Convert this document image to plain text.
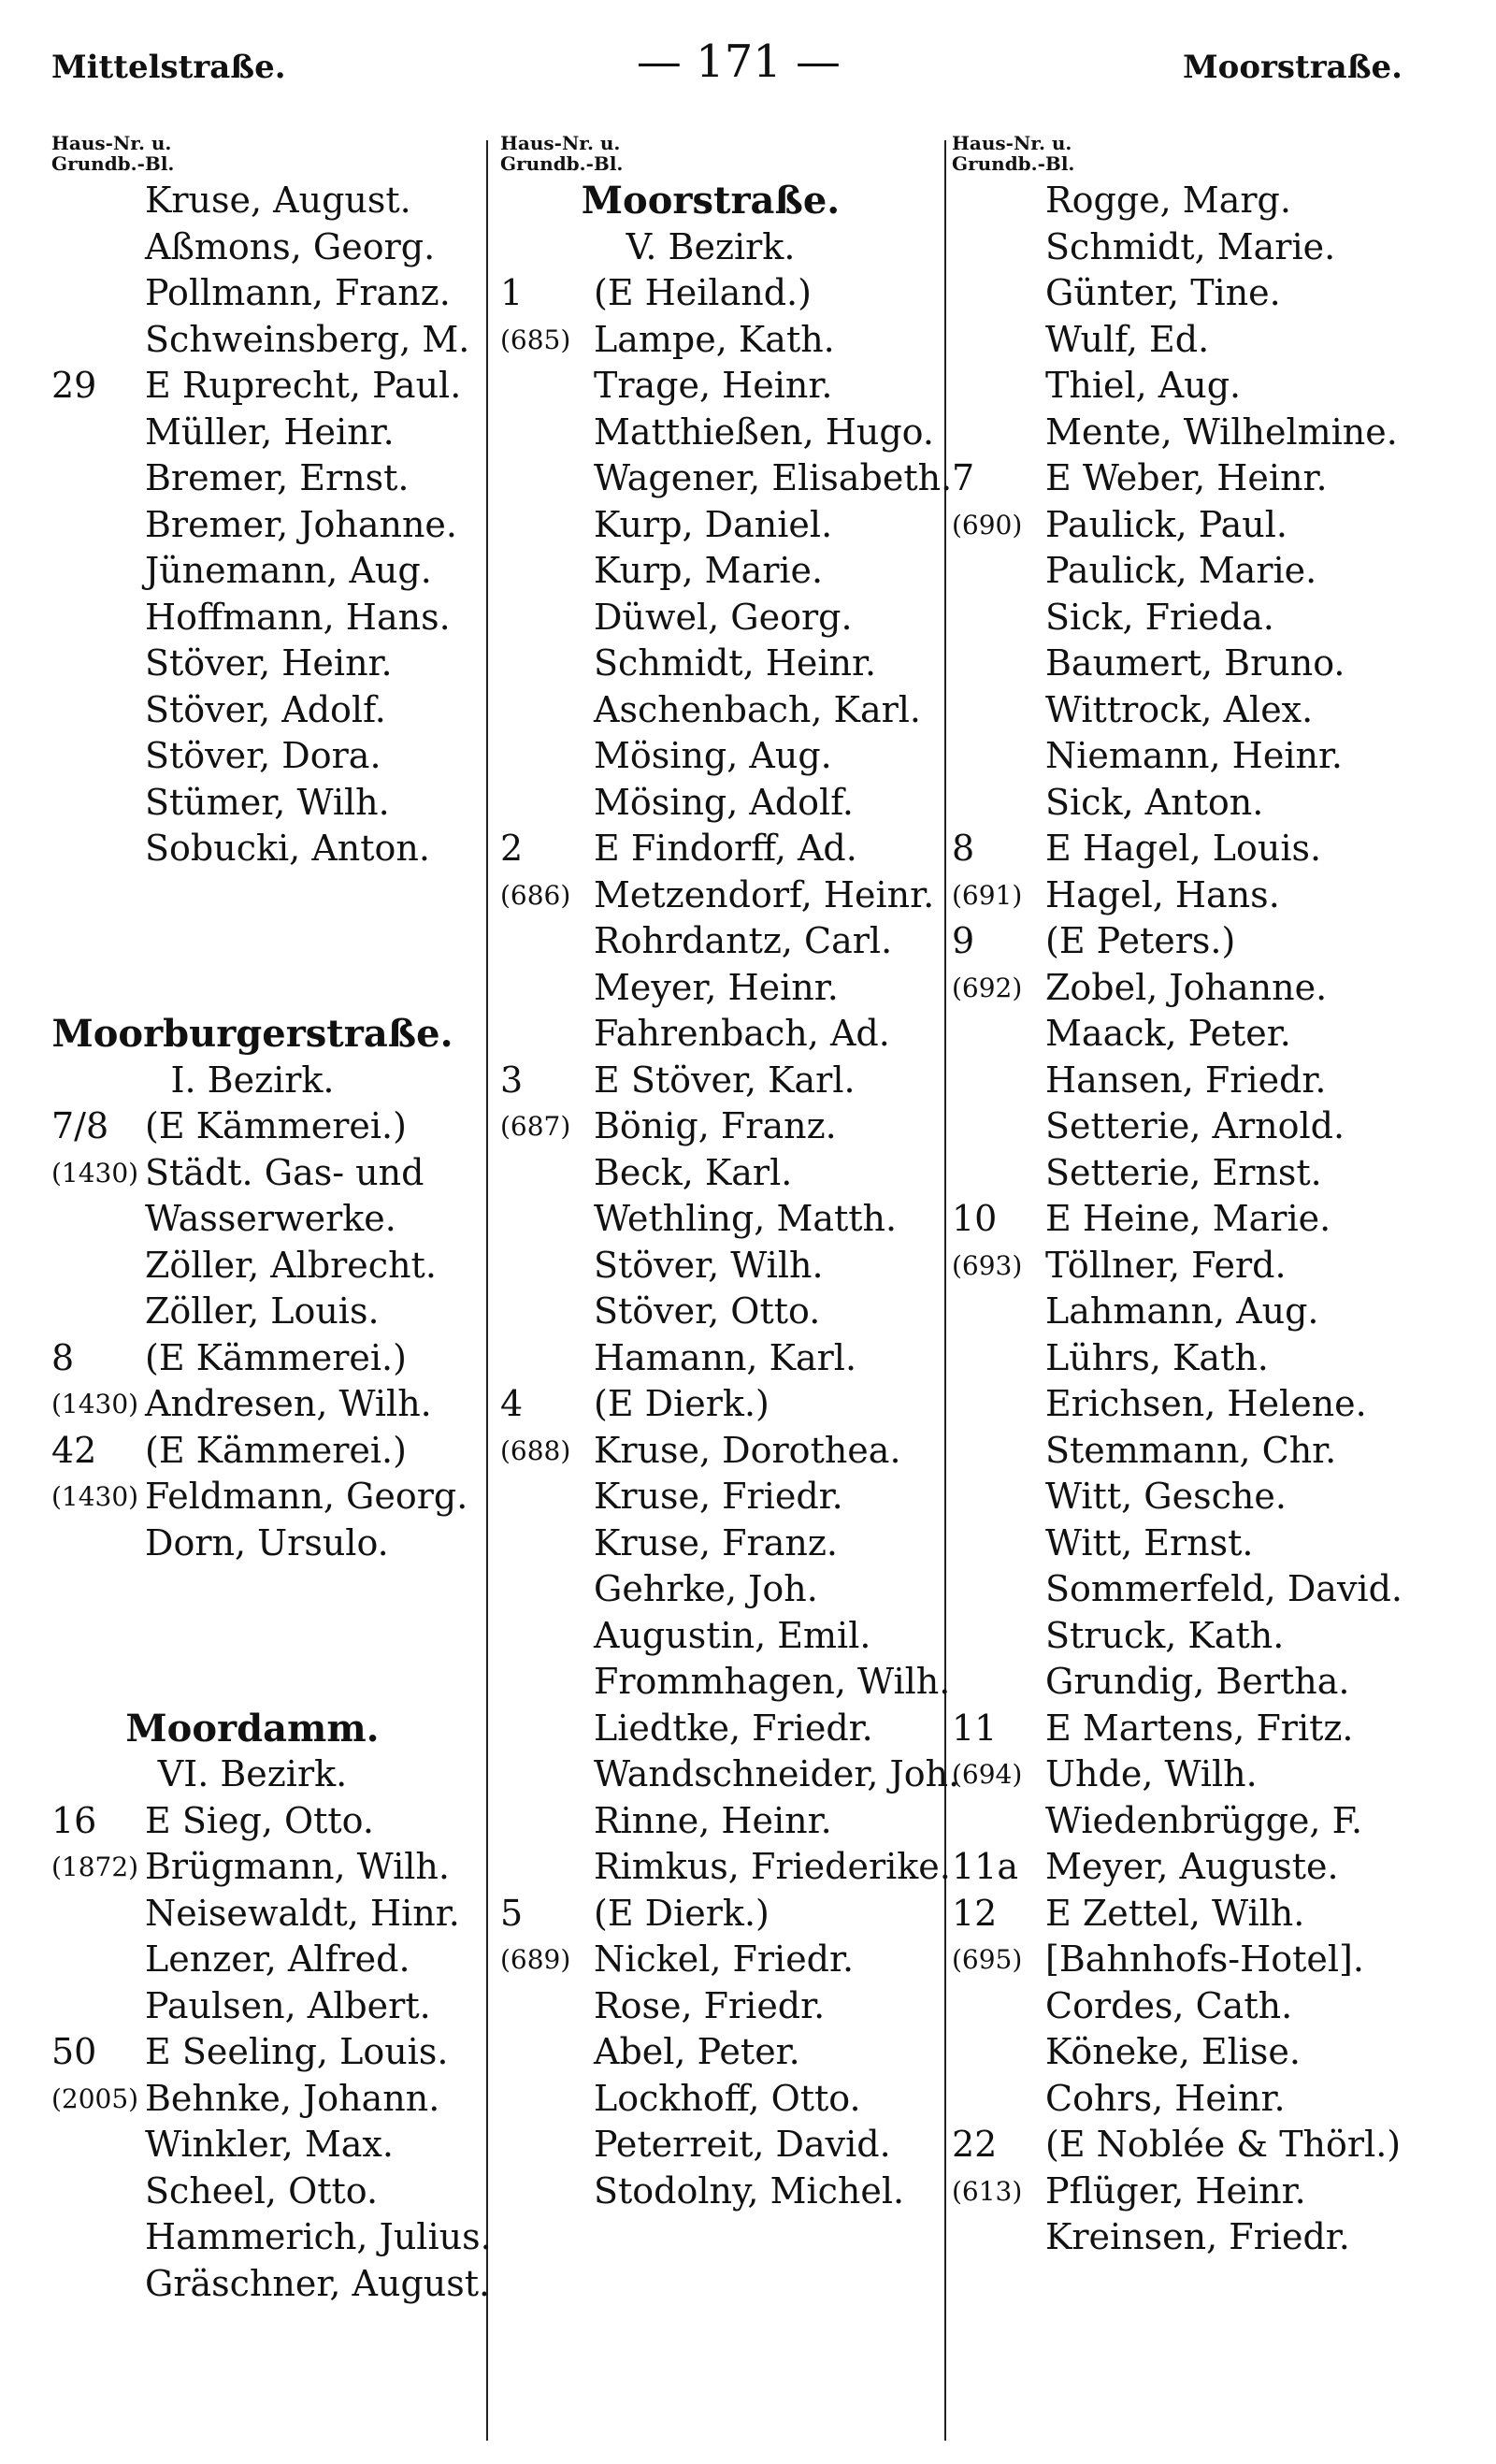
Mittelstraße.	— 171 —	Moorstraße.
Haus-Nr. u.
Grundb.-Bl.
Kruse, August.
Aßmons, Georg.
Pollmann, Franz.
Schweinsberg, M.
29	E Ruprecht, Paul.
Müller, Heinr.
Bremer, Ernst.
Bremer, Johanne.
Jünemann, Aug.
Hoffmann, Hans.
Stöver, Heinr.
Stöver, Adolf.
Stöver, Dora.
Stümer, Wilh.
Sobucki, Anton.
Moorburgerstraße.
I. Bezirk.
7/8	(E Kämmerei.)
(1430) Städt. Gas- und
Wasserwerke.
Zöller, Albrecht.
Zöller, Louis.
8	(E Kämmerei.)
(1430) Andresen, Wilh.
42	(E Kämmerei.)
(1430) Feldmann, Georg.
Dorn, Ursulo.
Moordamm.
VI. Bezirk.
16	E Sieg, Otto.
(1872) Brügmann, Wilh.
Neisewaldt, Hinr.
Lenzer, Alfred.
Paulsen, Albert.
50	E Seeling, Louis.
(2005) Behnke, Johann.
Winkler, Max.
Scheel, Otto.
Hammerich, Julius.
Gräschner, August.
Haus-Nr. u.
Grundb.-Bl.
Moorstraße.
V. Bezirk.
1	(E Heiland.)
(685) Lampe, Kath.
Trage, Heinr.
Matthießen, Hugo.
Wagener, Elisabeth.
Kurp, Daniel.
Kurp, Marie.
Düwel, Georg.
Schmidt, Heinr.
Aschenbach, Karl.
Mösing, Aug.
Mösing, Adolf.
2	E Findorff, Ad.
(686) Metzendorf, Heinr.
Rohrdantz, Carl.
Meyer, Heinr.
Fahrenbach, Ad.
3	E Stöver, Karl.
(687) Bönig, Franz.
Beck, Karl.
Wethling, Matth.
Stöver, Wilh.
Stöver, Otto.
Hamann, Karl.
4	(E Dierk.)
(688) Kruse, Dorothea.
Kruse, Friedr.
Kruse, Franz.
Gehrke, Joh.
Augustin, Emil.
Frommhagen, Wilh.
Liedtke, Friedr.
Wandschneider, Joh.
Rinne, Heinr.
Rimkus, Friederike.
5	(E Dierk.)
(689) Nickel, Friedr.
Rose, Friedr.
Abel, Peter.
Lockhoff, Otto.
Peterreit, David.
Stodolny, Michel.
Haus-Nr. u.
Grundb.-Bl.
Rogge, Marg.
Schmidt, Marie.
Günter, Tine.
Wulf, Ed.
Thiel, Aug.
Mente, Wilhelmine.
7	E Weber, Heinr.
(690) Paulick, Paul.
Paulick, Marie.
Sick, Frieda.
Baumert, Bruno.
Wittrock, Alex.
Niemann, Heinr.
Sick, Anton.
8	E Hagel, Louis.
(691) Hagel, Hans.
9	(E Peters.)
(692) Zobel, Johanne.
Maack, Peter.
Hansen, Friedr.
Setterie, Arnold.
Setterie, Ernst.
10	E Heine, Marie.
(693) Töllner, Ferd.
Lahmann, Aug.
Lührs, Kath.
Erichsen, Helene.
Stemmann, Chr.
Witt, Gesche.
Witt, Ernst.
Sommerfeld, David.
Struck, Kath.
Grundig, Bertha.
11	E Martens, Fritz.
(694) Uhde, Wilh.
Wiedenbrügge, F.
11a Meyer, Auguste.
12	E Zettel, Wilh.
(695) [Bahnhofs-Hotel].
Cordes, Cath.
Köneke, Elise.
Cohrs, Heinr.
22	(E Noblée & Thörl.)
(613) Pflüger, Heinr.
Kreinsen, Friedr.
